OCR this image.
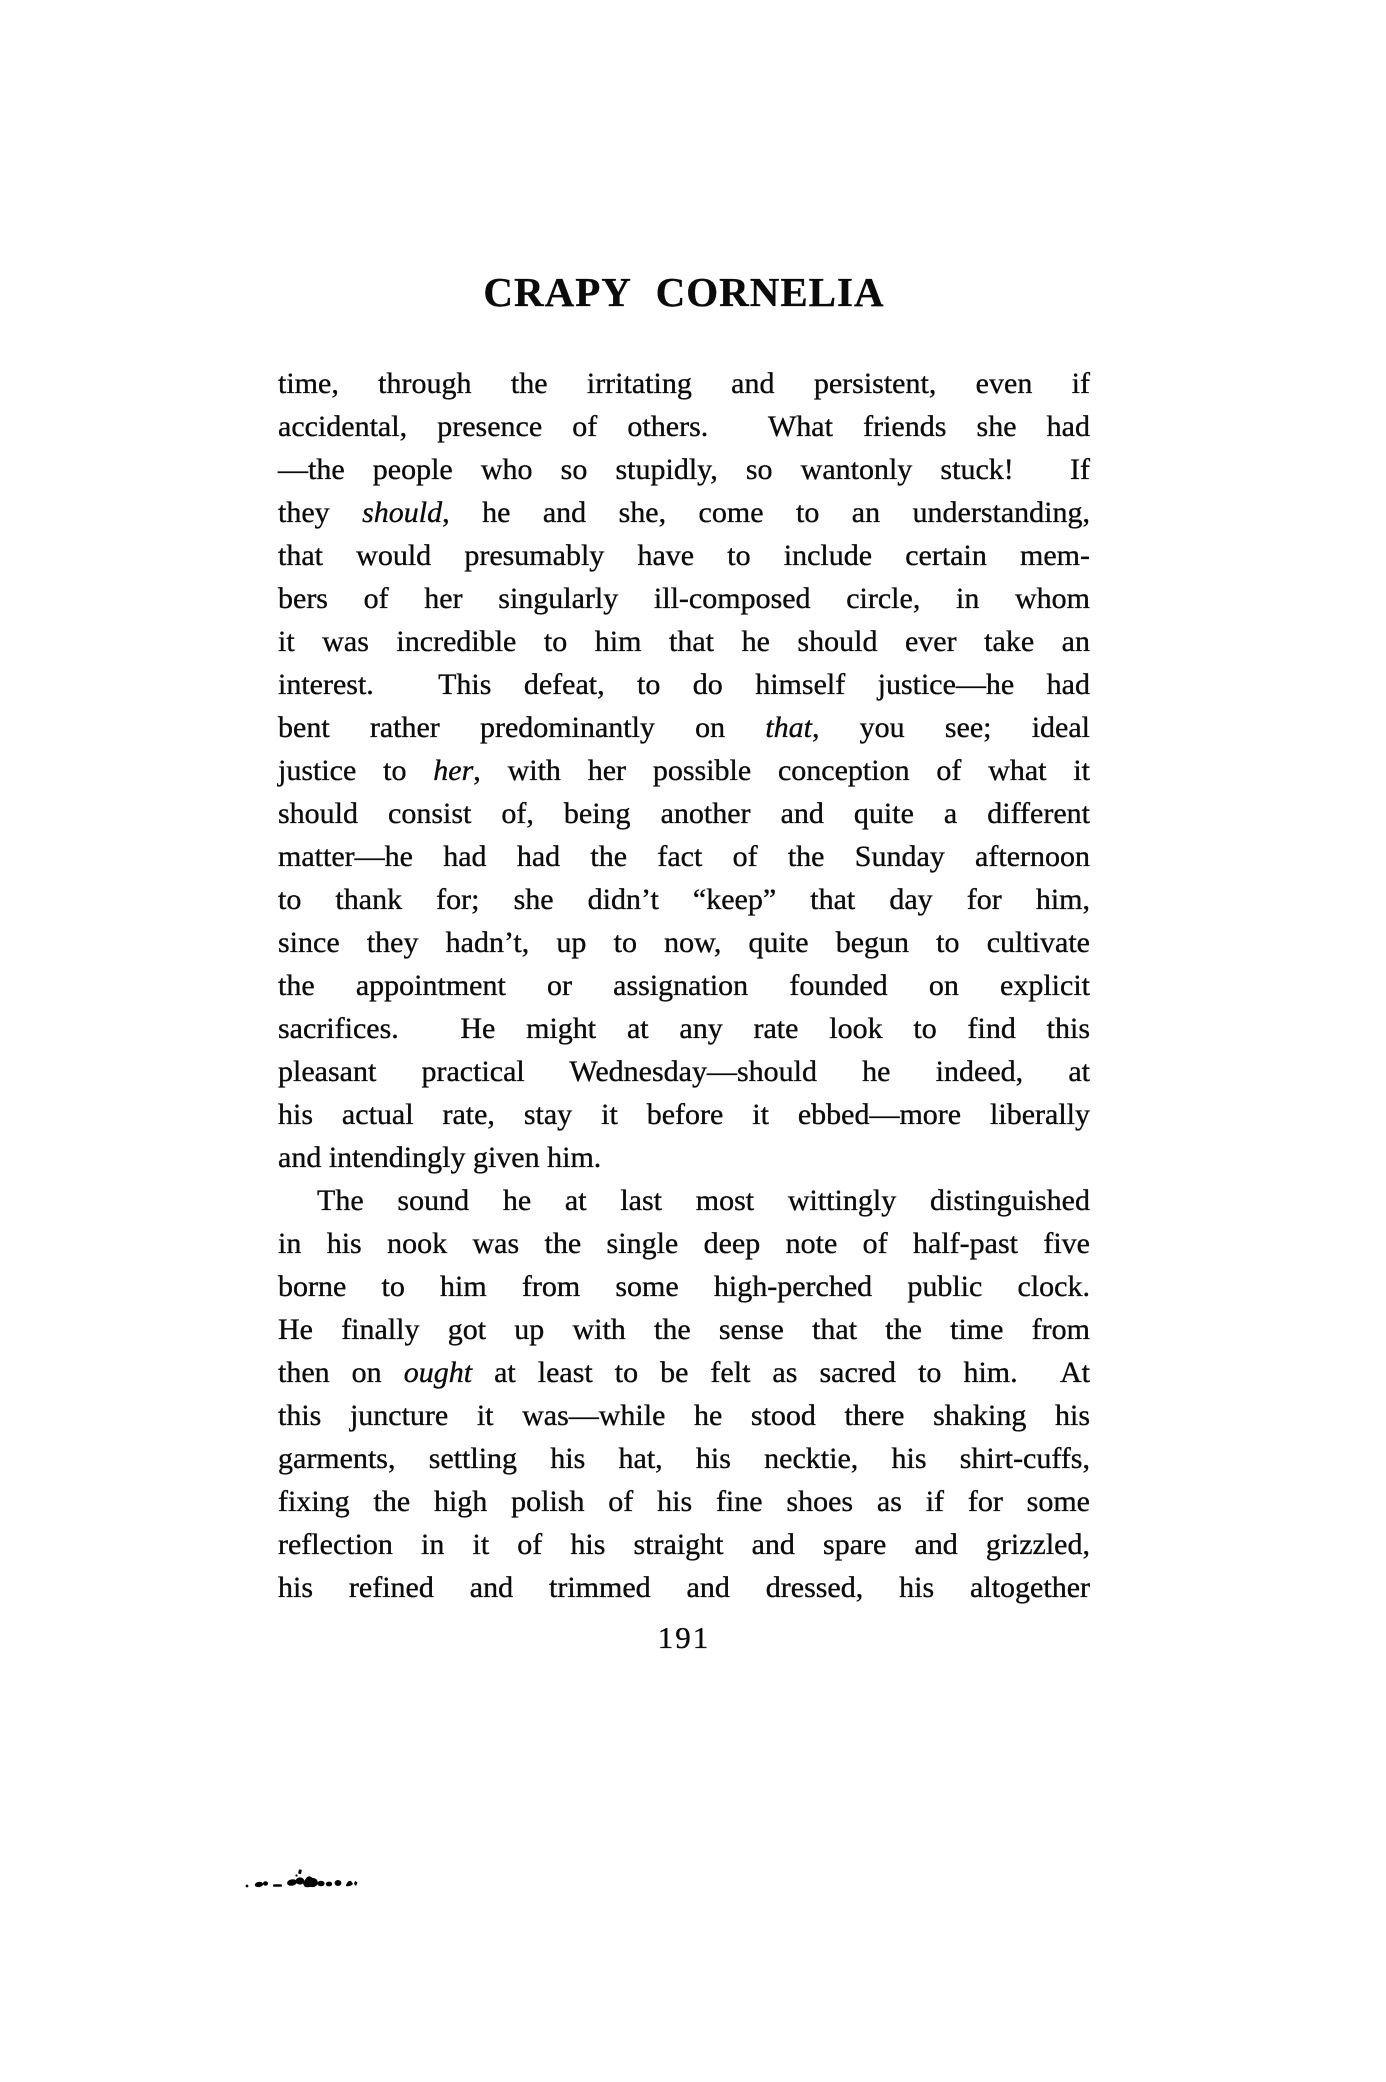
CRAPY CORNELIA
time, through the irritating and persistent, even if
accidental, presence of others.  What friends she had
—the people who so stupidly, so wantonly stuck!  If
they should, he and she, come to an understanding,
that would presumably have to include certain mem-
bers of her singularly ill-composed circle, in whom
it was incredible to him that he should ever take an
interest.  This defeat, to do himself justice—he had
bent rather predominantly on that, you see; ideal
justice to her, with her possible conception of what it
should consist of, being another and quite a different
matter—he had had the fact of the Sunday afternoon
to thank for; she didn’t “keep” that day for him,
since they hadn’t, up to now, quite begun to cultivate
the appointment or assignation founded on explicit
sacrifices.  He might at any rate look to find this
pleasant practical Wednesday—should he indeed, at
his actual rate, stay it before it ebbed—more liberally
and intendingly given him.
The sound he at last most wittingly distinguished
in his nook was the single deep note of half-past five
borne to him from some high-perched public clock.
He finally got up with the sense that the time from
then on ought at least to be felt as sacred to him.  At
this juncture it was—while he stood there shaking his
garments, settling his hat, his necktie, his shirt-cuffs,
fixing the high polish of his fine shoes as if for some
reflection in it of his straight and spare and grizzled,
his refined and trimmed and dressed, his altogether
191
